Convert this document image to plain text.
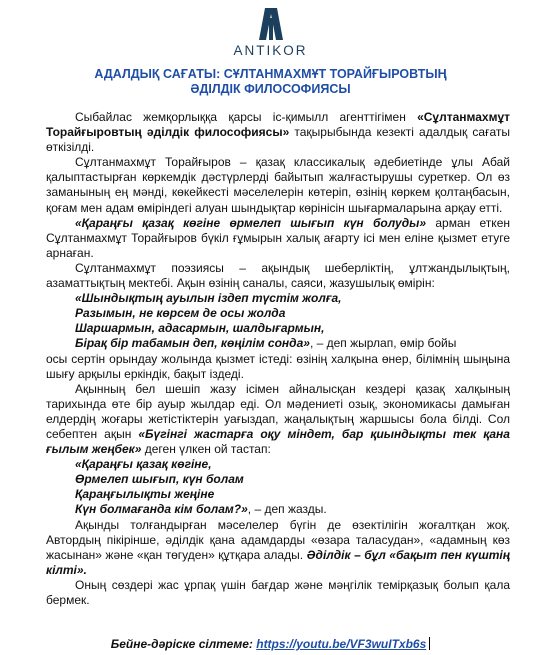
ANTIKOR
АДАЛДЫҚ САҒАТЫ: СҰЛТАНМАХМҰТ ТОРАЙҒЫРОВТЫҢ
ӘДІЛДІК ФИЛОСОФИЯСЫ

Сыбайлас жемқорлыққа қарсы іс-қимылл агенттігімен «Сұлтанмахмұт Торайғыровтың әділдік философиясы» тақырыбында кезекті адалдық сағаты өткізілді.

Сұлтанмахмұт Торайғыров – қазақ классикалық әдебиетінде ұлы Абай қалыптастырған көркемдік дәстүрлерді байытып жалғастырушы суреткер. Ол өз заманының ең мәнді, көкейкесті мәселелерін көтеріп, өзінің көркем қолтаңбасын, қоғам мен адам өміріндегі алуан шындықтар көрінісін шығармаларына арқау етті.

«Қараңғы қазақ көгіне өрмелеп шығып күн болуды» арман еткен Сұлтанмахмұт Торайғыров бүкіл ғұмырын халық ағарту ісі мен еліне қызмет етуге арнаған.

Сұлтанмахмұт поэзиясы – ақындық шеберліктің, ұлтжандылықтың, азаматтықтың мектебі. Ақын өзінің саналы, саяси, жазушылық өмірін:

«Шындықтың ауылын іздеп түстім жолға,

Разымын, не көрсем де осы жолда

Шаршармын, адасармын, шалдығармын,

Бірақ бір табамын деп, көңілім сонда», – деп жырлап, өмір бойы

осы сертін орындау жолында қызмет істеді: өзінің халқына өнер, білімнің шыңына шығу арқылы еркіндік, бақыт іздеді.

Ақынның бел шешіп жазу ісімен айналысқан кездері қазақ халқының тарихында өте бір ауыр жылдар еді. Ол мәдениеті озық, экономикасы дамыған елдердің жоғары жетістіктерін уағыздап, жаңалықтың жаршысы бола білді. Сол себептен ақын «Бүгінгі жастарға оқу міндет, бар қиындықты тек қана ғылым жеңбек» деген үлкен ой тастап:

«Қараңғы қазақ көгіне,

Өрмелеп шығып, күн болам

Қараңғылықты жеңіне

Күн болмағанда кім болам?», – деп жазды.

Ақынды толғандырған мәселелер бүгін де өзектілігін жоғалтқан жоқ. Автордың пікірінше, әділдік қана адамдарды «өзара таласудан», «адамның көз жасынан» және «қан төгуден» құтқара алады. Әділдік – бұл «бақыт пен күштің кілті».

Оның сөздері жас ұрпақ үшін бағдар және мәңгілік темірқазық болып қала бермек.

Бейне-дәріске сілтеме: https://youtu.be/VF3wuITxb6s
